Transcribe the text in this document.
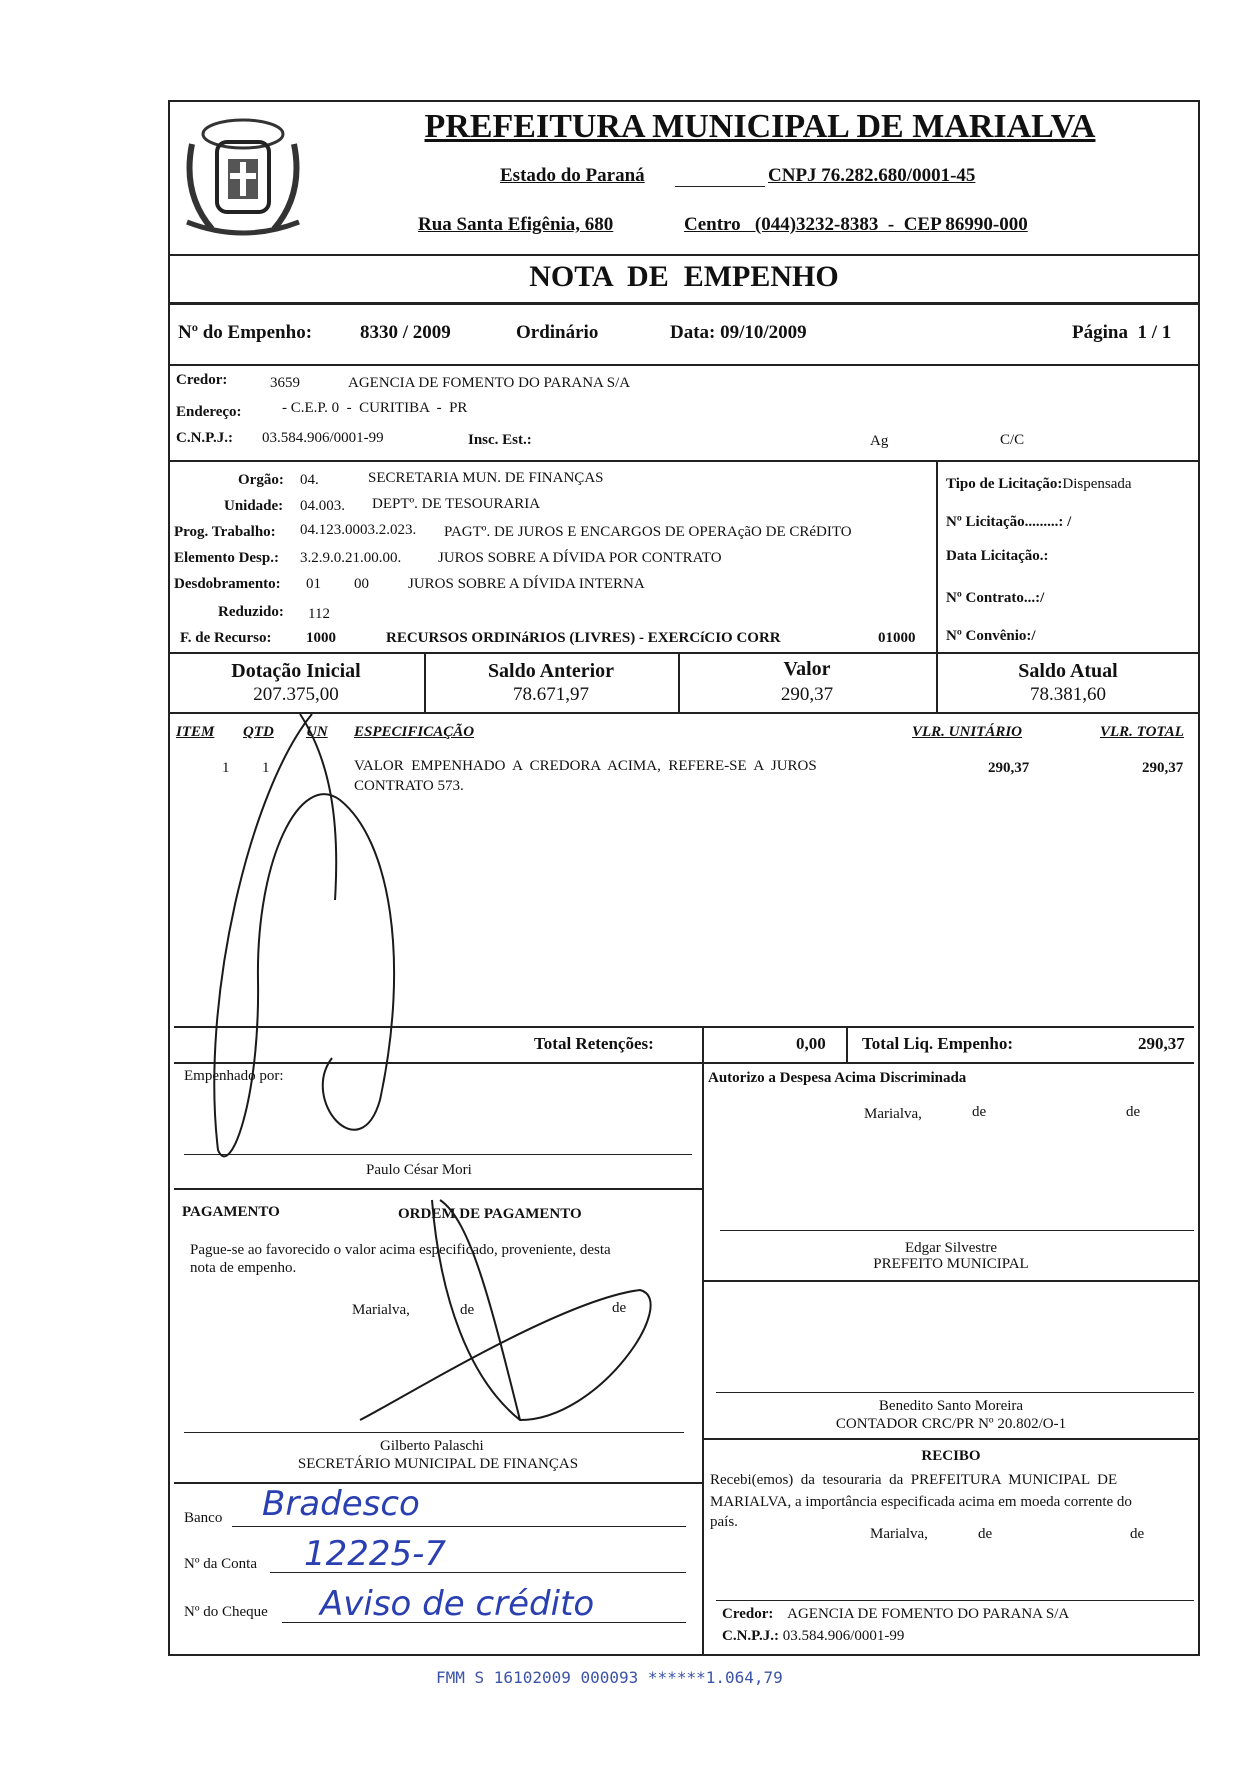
PREFEITURA MUNICIPAL DE MARIALVA
Estado do Paraná	CNPJ 76.282.680/0001-45
Rua Santa Efigênia, 680	Centro   (044)3232-8383  -  CEP 86990-000
NOTA  DE  EMPENHO
Nº do Empenho:	8330 / 2009	Ordinário	Data: 09/10/2009	Página  1 / 1
Credor:	3659	AGENCIA DE FOMENTO DO PARANA S/A
Endereço:	- C.E.P. 0  -  CURITIBA  -  PR
C.N.P.J.: 03.584.906/0001-99	Insc. Est.:	Ag	C/C
Orgão: 04.	SECRETARIA MUN. DE FINANÇAS
Unidade: 04.003. DEPTº. DE TESOURARIA
Prog. Trabalho: 04.123.0003.2.023. PAGTº. DE JUROS E ENCARGOS DE OPERAçãO DE CRéDITO
Elemento Desp.: 3.2.9.0.21.00.00. JUROS SOBRE A DÍVIDA POR CONTRATO
Desdobramento: 01 00	JUROS SOBRE A DÍVIDA INTERNA
Reduzido: 112
F. de Recurso: 1000	RECURSOS ORDINáRIOS (LIVRES) - EXERCíCIO CORR	01000
Tipo de Licitação:Dispensada
Nº Licitação.........: /
Data Licitação.:
Nº Contrato...:/
Nº Convênio:/
Dotação Inicial
207.375,00
Saldo Anterior
78.671,97
Valor
290,37
Saldo Atual
78.381,60
ITEM QTD UN ESPECIFICAÇÃO	VLR. UNITÁRIO	VLR. TOTAL
1 1	VALOR  EMPENHADO  A  CREDORA  ACIMA,  REFERE-SE  A  JUROS
CONTRATO 573.
290,37	290,37
Total Retenções:	0,00 Total Liq. Empenho:	290,37
Empenhado por:
Paulo César Mori
Autorizo a Despesa Acima Discriminada
Marialva,	de	de
Edgar Silvestre
PREFEITO MUNICIPAL
Benedito Santo Moreira
CONTADOR CRC/PR Nº 20.802/O-1
PAGAMENTO	ORDEM DE PAGAMENTO
Pague-se ao favorecido o valor acima especificado, proveniente, desta
nota de empenho.
Marialva,	de	de
Gilberto Palaschi
SECRETÁRIO MUNICIPAL DE FINANÇAS
Banco Bradesco
Nº da Conta 12225-7
Nº do Cheque Aviso de crédito
RECIBO
Recebi(emos)  da  tesouraria  da  PREFEITURA  MUNICIPAL  DE
MARIALVA, a importância especificada acima em moeda corrente do
país.
Marialva,	de	de
Credor: AGENCIA DE FOMENTO DO PARANA S/A
C.N.P.J.: 03.584.906/0001-99
FMM S 16102009 000093 ******1.064,79
